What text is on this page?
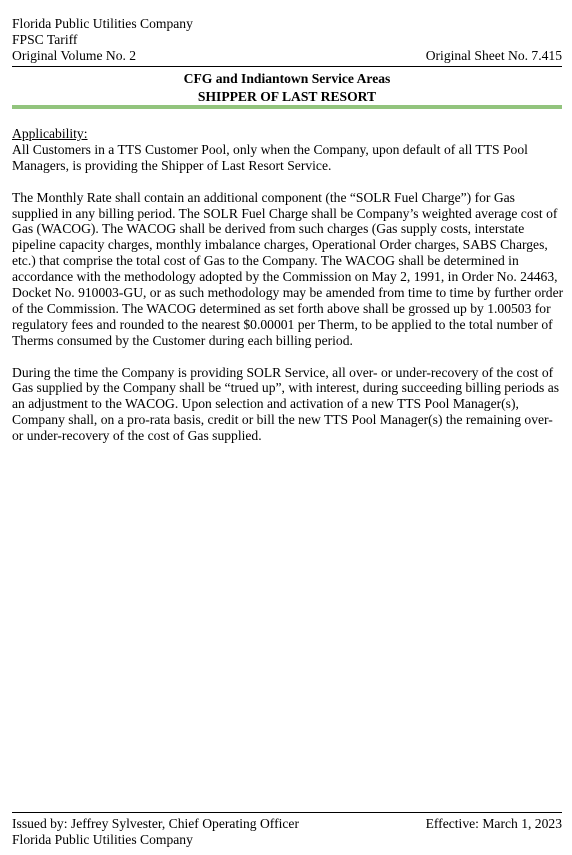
Florida Public Utilities Company
FPSC Tariff
Original Volume No. 2	Original Sheet No. 7.415
CFG and Indiantown Service Areas
SHIPPER OF LAST RESORT

Applicability:
All Customers in a TTS Customer Pool, only when the Company, upon default of all TTS Pool Managers, is providing the Shipper of Last Resort Service.

The Monthly Rate shall contain an additional component (the “SOLR Fuel Charge”) for Gas supplied in any billing period. The SOLR Fuel Charge shall be Company’s weighted average cost of Gas (WACOG). The WACOG shall be derived from such charges (Gas supply costs, interstate pipeline capacity charges, monthly imbalance charges, Operational Order charges, SABS Charges, etc.) that comprise the total cost of Gas to the Company. The WACOG shall be determined in accordance with the methodology adopted by the Commission on May 2, 1991, in Order No. 24463, Docket No. 910003-GU, or as such methodology may be amended from time to time by further order of the Commission. The WACOG determined as set forth above shall be grossed up by 1.00503 for regulatory fees and rounded to the nearest $0.00001 per Therm, to be applied to the total number of Therms consumed by the Customer during each billing period.

During the time the Company is providing SOLR Service, all over- or under-recovery of the cost of Gas supplied by the Company shall be “trued up”, with interest, during succeeding billing periods as an adjustment to the WACOG. Upon selection and activation of a new TTS Pool Manager(s), Company shall, on a pro-rata basis, credit or bill the new TTS Pool Manager(s) the remaining over- or under-recovery of the cost of Gas supplied.

Issued by: Jeffrey Sylvester, Chief Operating Officer	Effective: March 1, 2023
Florida Public Utilities Company
